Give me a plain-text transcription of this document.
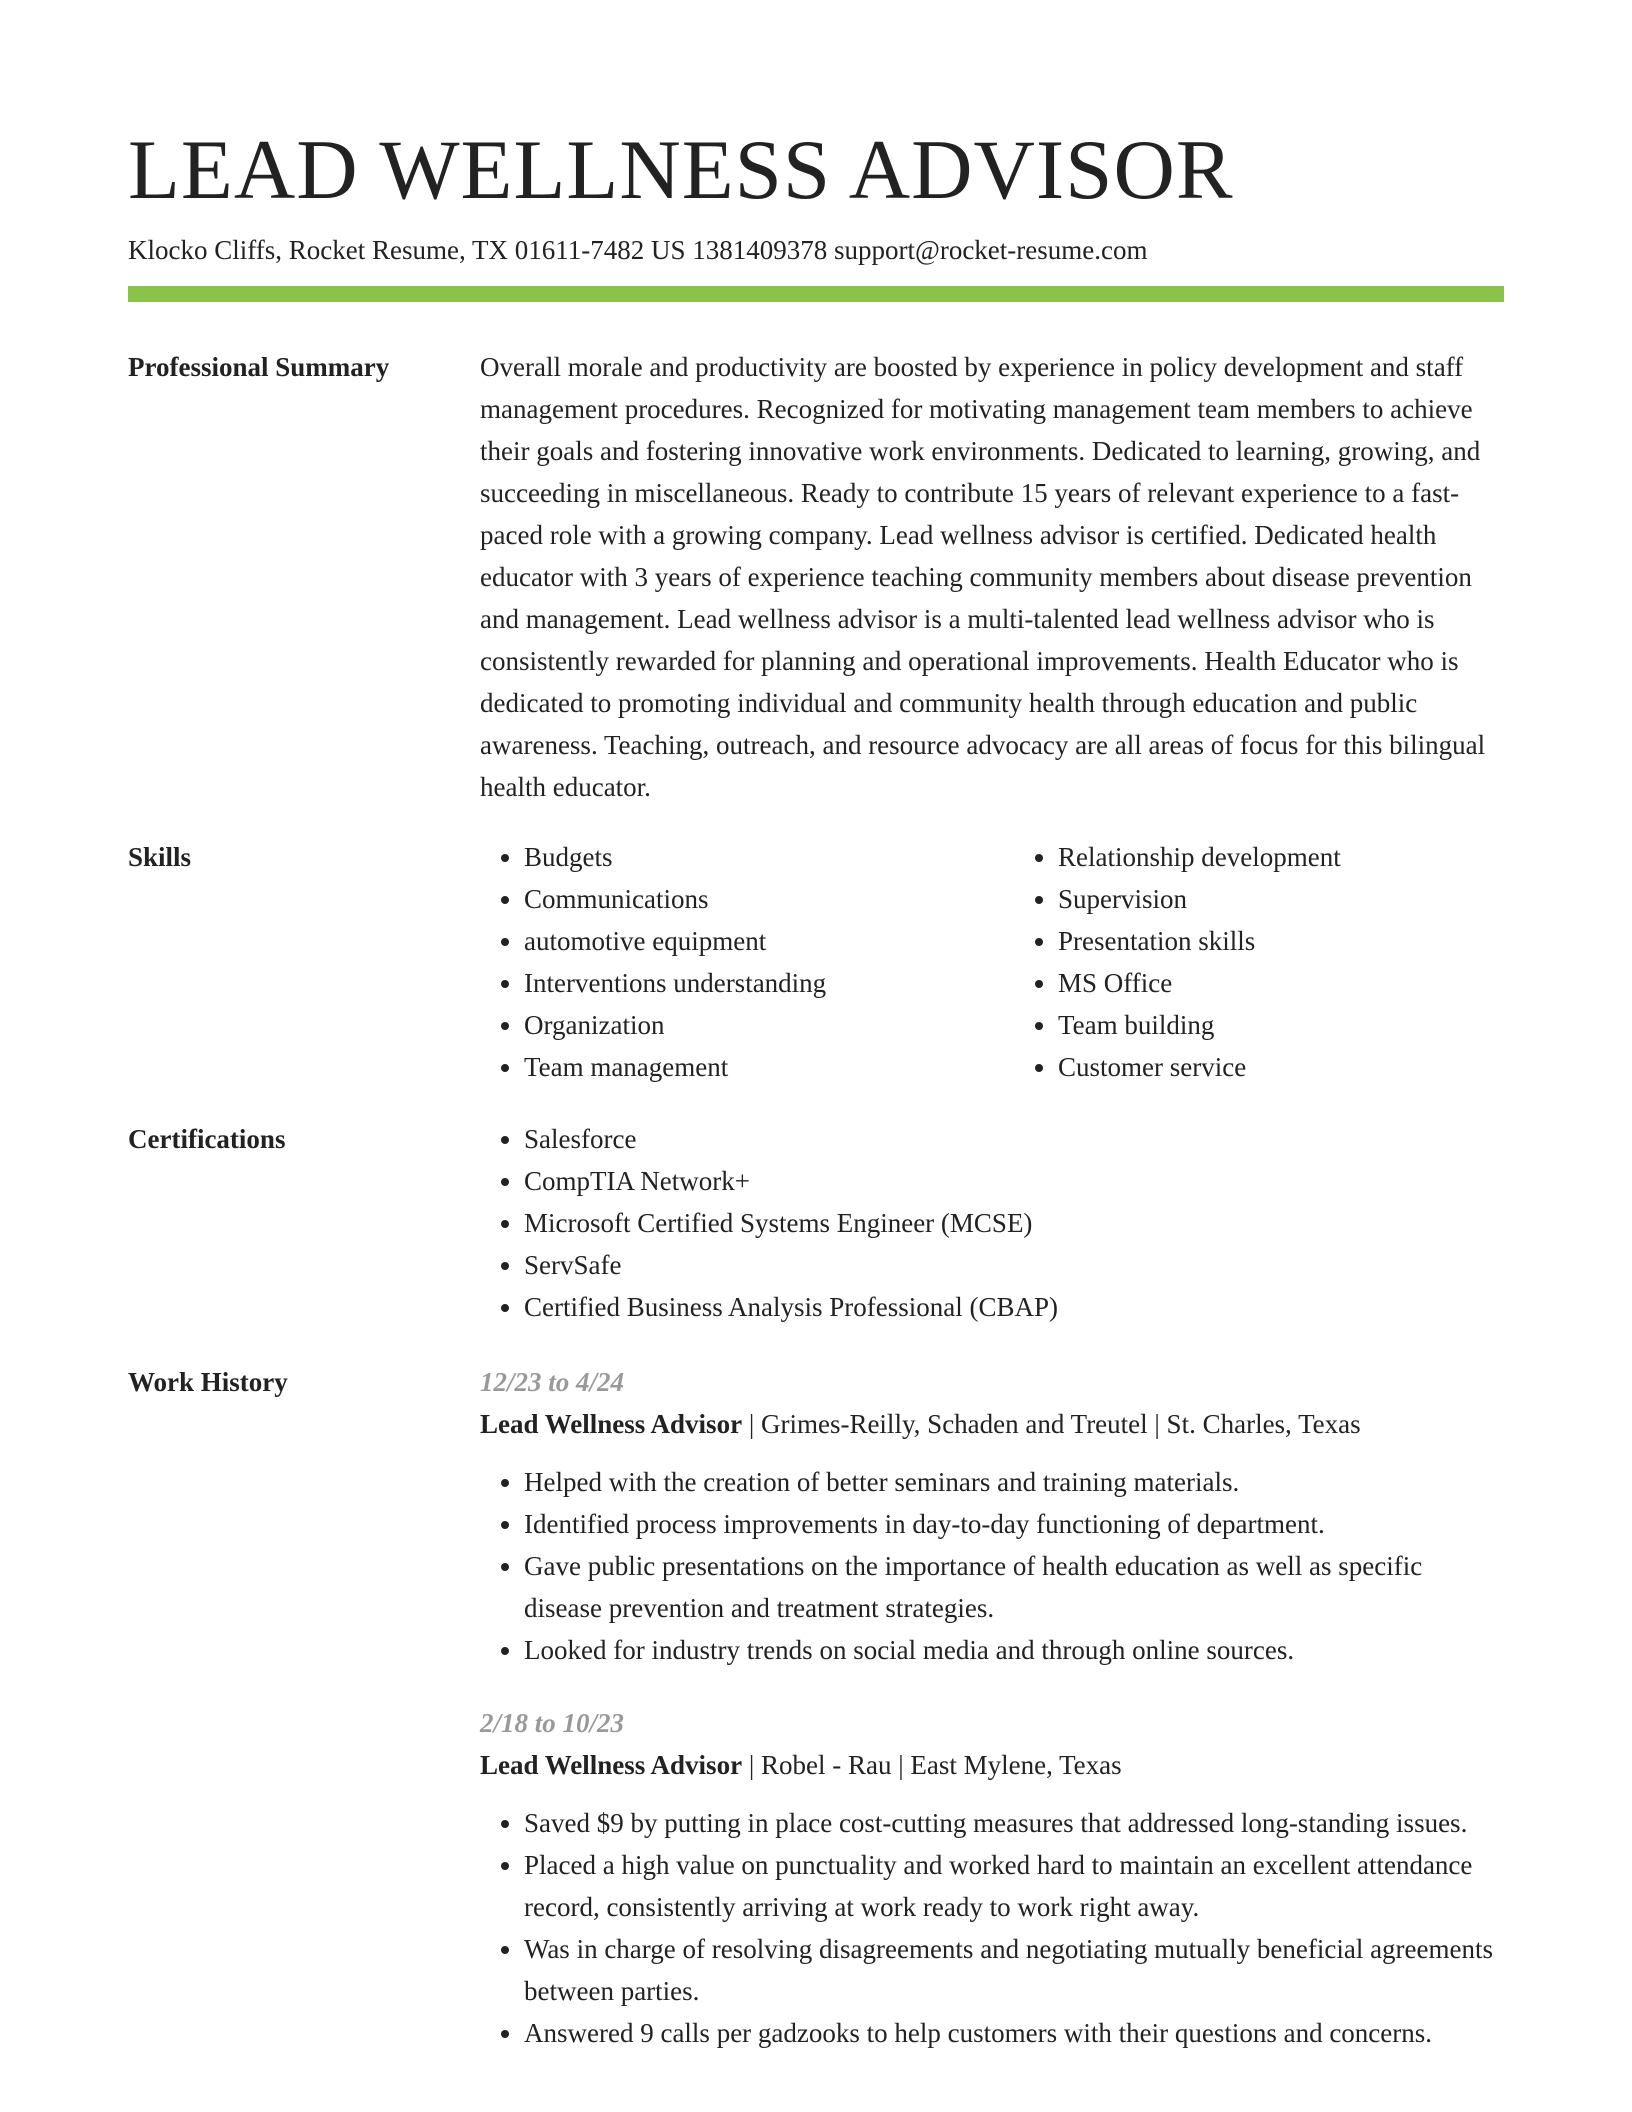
LEAD WELLNESS ADVISOR
Klocko Cliffs, Rocket Resume, TX 01611-7482 US 1381409378 support@rocket-resume.com
Professional Summary	Overall morale and productivity are boosted by experience in policy development and staff management procedures. Recognized for motivating management team members to achieve their goals and fostering innovative work environments. Dedicated to learning, growing, and succeeding in miscellaneous. Ready to contribute 15 years of relevant experience to a fast-paced role with a growing company. Lead wellness advisor is certified. Dedicated health educator with 3 years of experience teaching community members about disease prevention and management. Lead wellness advisor is a multi-talented lead wellness advisor who is consistently rewarded for planning and operational improvements. Health Educator who is dedicated to promoting individual and community health through education and public awareness. Teaching, outreach, and resource advocacy are all areas of focus for this bilingual health educator.

Skills	• Budgets
• Communications
• automotive equipment
• Interventions understanding
• Organization
• Team management
• Relationship development
• Supervision
• Presentation skills
• MS Office
• Team building
• Customer service
Certifications	• Salesforce
• CompTIA Network+
• Microsoft Certified Systems Engineer (MCSE)
• ServSafe
• Certified Business Analysis Professional (CBAP)
Work History	12/23 to 4/24
Lead Wellness Advisor | Grimes-Reilly, Schaden and Treutel | St. Charles, Texas
• Helped with the creation of better seminars and training materials.
• Identified process improvements in day-to-day functioning of department.
• Gave public presentations on the importance of health education as well as specific disease prevention and treatment strategies.
• Looked for industry trends on social media and through online sources.
2/18 to 10/23
Lead Wellness Advisor | Robel - Rau | East Mylene, Texas
• Saved $9 by putting in place cost-cutting measures that addressed long-standing issues.
• Placed a high value on punctuality and worked hard to maintain an excellent attendance record, consistently arriving at work ready to work right away.
• Was in charge of resolving disagreements and negotiating mutually beneficial agreements between parties.
• Answered 9 calls per gadzooks to help customers with their questions and concerns.
